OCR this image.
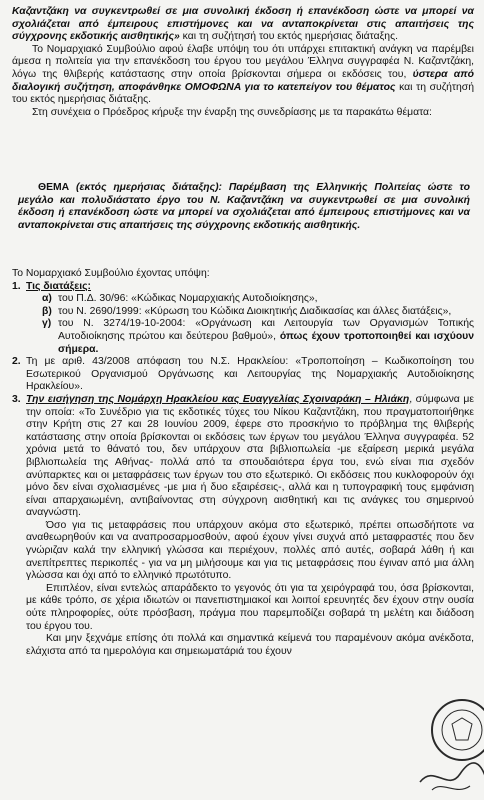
Καζαντζάκη να συγκεντρωθεί σε μια συνολική έκδοση ή επανέκδοση ώστε να μπορεί να σχολιάζεται από έμπειρους επιστήμονες και να ανταποκρίνεται στις απαιτήσεις της σύγχρονης εκδοτικής αισθητικής» και τη συζήτησή του εκτός ημερήσιας διάταξης.

Το Νομαρχιακό Συμβούλιο αφού έλαβε υπόψη του ότι υπάρχει επιτακτική ανάγκη να παρέμβει άμεσα η πολιτεία για την επανέκδοση του έργου του μεγάλου Έλληνα συγγραφέα Ν. Καζαντζάκη, λόγω της θλιβερής κατάστασης στην οποία βρίσκονται σήμερα οι εκδόσεις του, ύστερα από διαλογική συζήτηση, αποφάνθηκε ΟΜΟΦΩΝΑ για το κατεπείγον του θέματος και τη συζήτησή του εκτός ημερήσιας διάταξης.

Στη συνέχεια ο Πρόεδρος κήρυξε την έναρξη της συνεδρίασης με τα παρακάτω θέματα:

ΘΕΜΑ (εκτός ημερήσιας διάταξης): Παρέμβαση της Ελληνικής Πολιτείας ώστε το μεγάλο και πολυδιάστατο έργο του Ν. Καζαντζάκη να συγκεντρωθεί σε μια συνολική έκδοση ή επανέκδοση ώστε να μπορεί να σχολιάζεται από έμπειρους επιστήμονες και να ανταποκρίνεται στις απαιτήσεις της σύγχρονης εκδοτικής αισθητικής.

Το Νομαρχιακό Συμβούλιο έχοντας υπόψη:

1. Τις διατάξεις:
α) του Π.Δ. 30/96: «Κώδικας Νομαρχιακής Αυτοδιοίκησης»,
β) του Ν. 2690/1999: «Κύρωση του Κώδικα Διοικητικής Διαδικασίας και άλλες διατάξεις»,
γ) του Ν. 3274/19-10-2004: «Οργάνωση και Λειτουργία των Οργανισμών Τοπικής Αυτοδιοίκησης πρώτου και δεύτερου βαθμού», όπως έχουν τροποποιηθεί και ισχύουν σήμερα.
2. Τη με αριθ. 43/2008 απόφαση του Ν.Σ. Ηρακλείου: «Τροποποίηση – Κωδικοποίηση του Εσωτερικού Οργανισμού Οργάνωσης και Λειτουργίας της Νομαρχιακής Αυτοδιοίκησης Ηρακλείου».
3. Την εισήγηση της Νομάρχη Ηρακλείου κας Ευαγγελίας Σχοιναράκη – Ηλιάκη, σύμφωνα με την οποία: «Το Συνέδριο για τις εκδοτικές τύχες του Νίκου Καζαντζάκη, που πραγματοποιήθηκε στην Κρήτη στις 27 και 28 Ιουνίου 2009, έφερε στο προσκήνιο το πρόβλημα της θλιβερής κατάστασης στην οποία βρίσκονται οι εκδόσεις των έργων του μεγάλου Έλληνα συγγραφέα. 52 χρόνια μετά το θάνατό του, δεν υπάρχουν στα βιβλιοπωλεία -με εξαίρεση μερικά μεγάλα βιβλιοπωλεία της Αθήνας- πολλά από τα σπουδαιότερα έργα του, ενώ είναι πια σχεδόν ανύπαρκτες και οι μεταφράσεις των έργων του στο εξωτερικό. Οι εκδόσεις που κυκλοφορούν όχι μόνο δεν είναι σχολιασμένες -με μια ή δυο εξαιρέσεις-, αλλά και η τυπογραφική τους εμφάνιση είναι απαρχαιωμένη, αντιβαίνοντας στη σύγχρονη αισθητική και τις ανάγκες του σημερινού αναγνώστη.

Όσο για τις μεταφράσεις που υπάρχουν ακόμα στο εξωτερικό, πρέπει οπωσδήποτε να αναθεωρηθούν και να αναπροσαρμοσθούν, αφού έχουν γίνει συχνά από μεταφραστές που δεν γνώριζαν καλά την ελληνική γλώσσα και περιέχουν, πολλές από αυτές, σοβαρά λάθη ή και ανεπίτρεπτες περικοπές - για να μη μιλήσουμε και για τις μεταφράσεις που έγιναν από μια άλλη γλώσσα και όχι από το ελληνικό πρωτότυπο.

Επιπλέον, είναι εντελώς απαράδεκτο το γεγονός ότι για τα χειρόγραφά του, όσα βρίσκονται, με κάθε τρόπο, σε χέρια ιδιωτών οι πανεπιστημιακοί και λοιποί ερευνητές δεν έχουν στην ουσία ούτε πληροφορίες, ούτε πρόσβαση, πράγμα που παρεμποδίζει σοβαρά τη μελέτη και διάδοση του έργου του.

Και μην ξεχνάμε επίσης ότι πολλά και σημαντικά κείμενά του παραμένουν ακόμα ανέκδοτα, ελάχιστα από τα ημερολόγια και σημειωματάριά του έχουν
